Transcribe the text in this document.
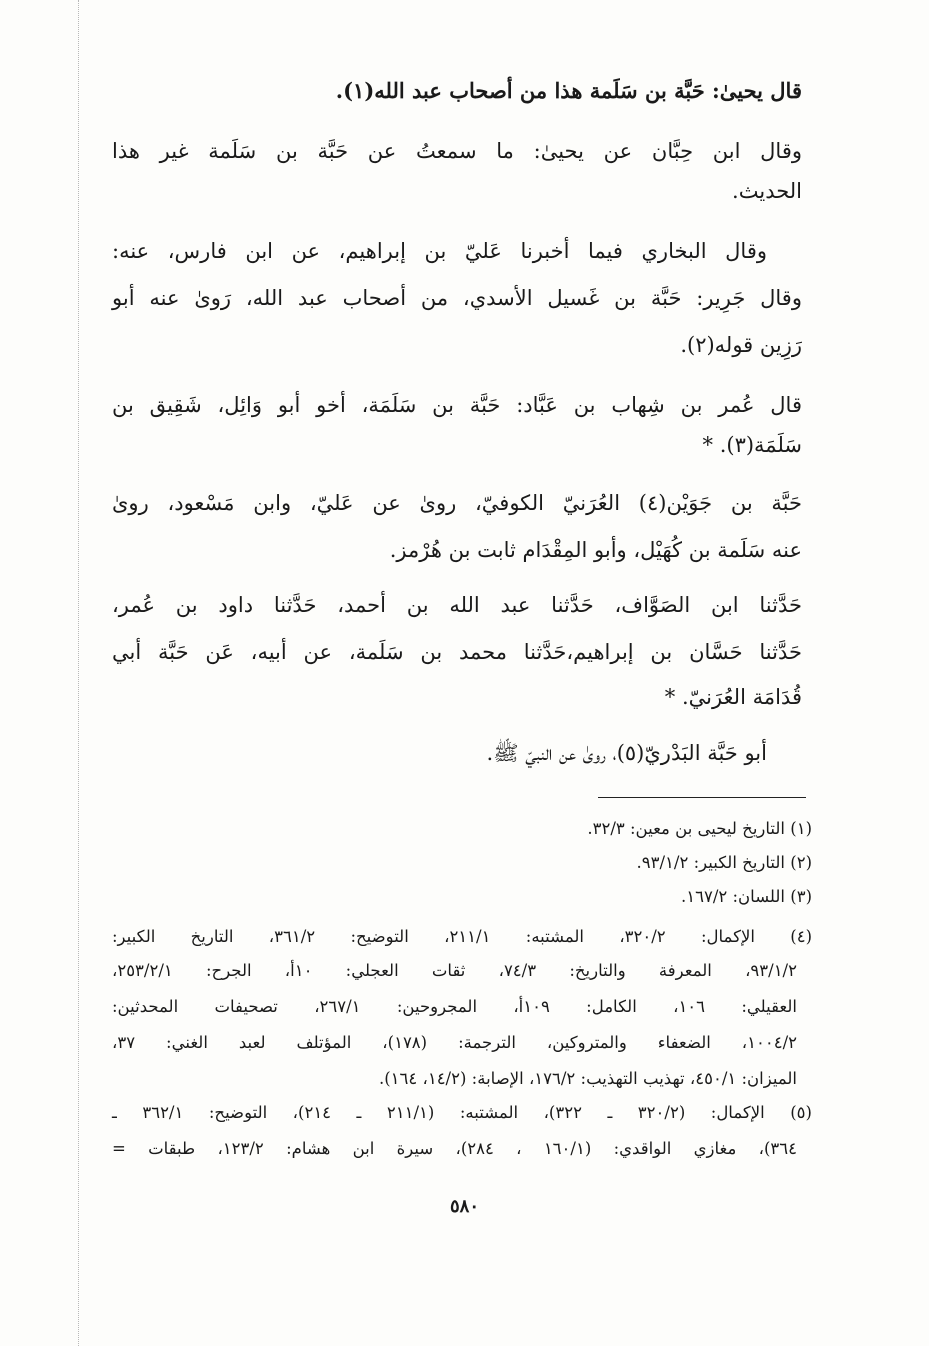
قال يحيىٰ: حَبَّة بن سَلَمة هذا من أصحاب عبد الله(١).
وقال ابن حِبَّان عن يحيىٰ: ما سمعتُ عن حَبَّة بن سَلَمة غير هذا
الحديث.
وقال البخاري فيما أخبرنا عَليّ بن إبراهيم، عن ابن فارس، عنه:
وقال جَرِير: حَبَّة بن غَسيل الأسدي، من أصحاب عبد الله، رَوىٰ عنه أبو
رَزِين قوله(٢).
قال عُمر بن شِهاب بن عَبَّاد: حَبَّة بن سَلَمَة، أخو أبو وَائِل، شَقِيق بن
سَلَمَة(٣). *
حَبَّة بن جَوَيْن(٤) العُرَنيّ الكوفيّ، روىٰ عن عَليّ، وابن مَسْعود، روىٰ
عنه سَلَمة بن كُهَيْل، وأبو المِقْدَام ثابت بن هُرْمز.
حَدَّثنا ابن الصَوَّاف، حَدَّثنا عبد الله بن أحمد، حَدَّثنا داود بن عُمر،
حَدَّثنا حَسَّان بن إبراهيم،حَدَّثنا محمد بن سَلَمة، عن أبيه، عَن حَبَّة أبي
قُدَامَة العُرَنيّ. *
أبو حَبَّة البَدْريّ(٥)، روىٰ عن النبيّ ﷺ.
(١) التاريخ ليحيى بن معين: ٣٢/٣.
(٢) التاريخ الكبير: ٩٣/١/٢.
(٣) اللسان: ١٦٧/٢.
(٤) الإكمال: ٣٢٠/٢، المشتبه: ٢١١/١، التوضيح: ٣٦١/٢، التاريخ الكبير:
٩٣/١/٢، المعرفة والتاريخ: ٧٤/٣، ثقات العجلي: ١٠أ، الجرح: ٢٥٣/٢/١،
العقيلي: ١٠٦، الكامل: ١٠٩أ، المجروحين: ٢٦٧/١، تصحيفات المحدثين:
١٠٠٤/٢، الضعفاء والمتروكين، الترجمة: (١٧٨)، المؤتلف لعبد الغني: ٣٧،
الميزان: ٤٥٠/١، تهذيب التهذيب: ١٧٦/٢، الإصابة: (١٤/٢، ١٦٤).
(٥) الإكمال: (٣٢٠/٢ ـ ٣٢٢)، المشتبه: (٢١١/١ ـ ٢١٤)، التوضيح: ٣٦٢/١ ـ
٣٦٤)، مغازي الواقدي: (١٦٠/١ ، ٢٨٤)، سيرة ابن هشام: ١٢٣/٢، طبقات =
٥٨٠
